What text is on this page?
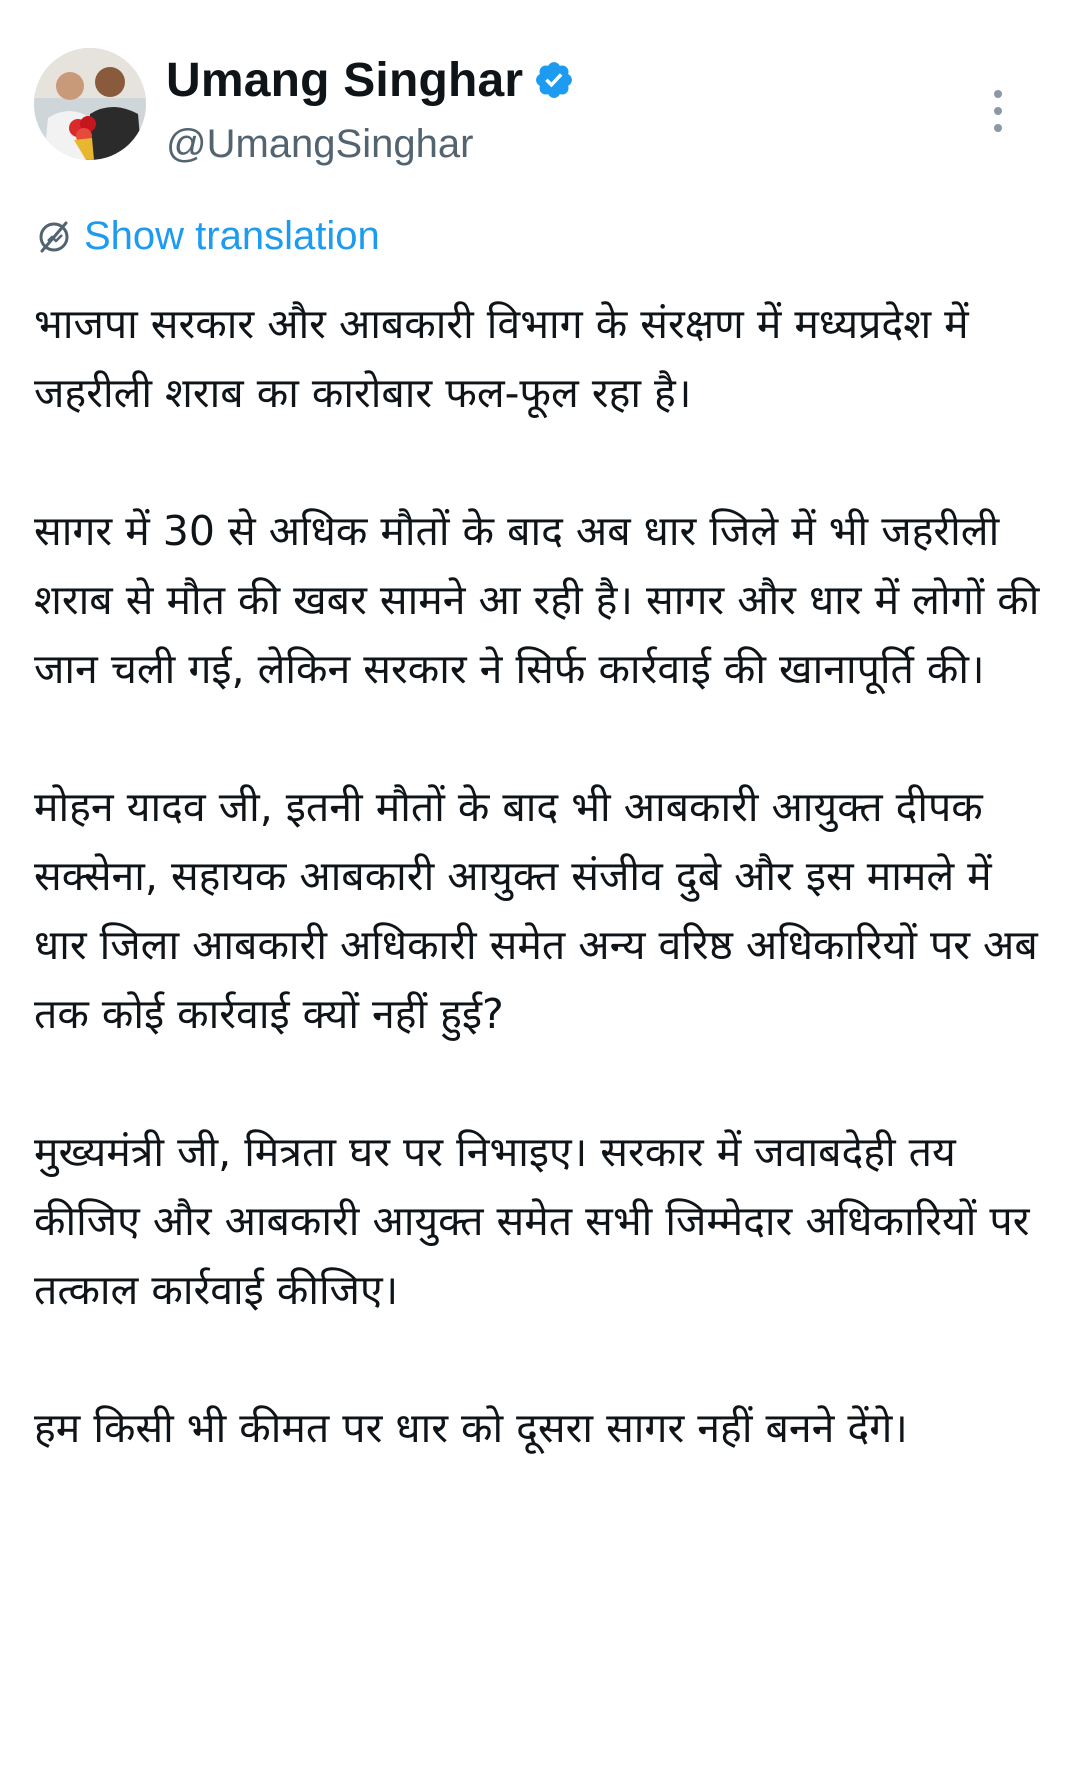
Umang Singhar
@UmangSinghar
Show translation

भाजपा सरकार और आबकारी विभाग के संरक्षण में मध्यप्रदेश में जहरीली शराब का कारोबार फल-फूल रहा है।

सागर में 30 से अधिक मौतों के बाद अब धार जिले में भी जहरीली शराब से मौत की खबर सामने आ रही है। सागर और धार में लोगों की जान चली गई, लेकिन सरकार ने सिर्फ कार्रवाई की खानापूर्ति की।

मोहन यादव जी, इतनी मौतों के बाद भी आबकारी आयुक्त दीपक सक्सेना, सहायक आबकारी आयुक्त संजीव दुबे और इस मामले में धार जिला आबकारी अधिकारी समेत अन्य वरिष्ठ अधिकारियों पर अब तक कोई कार्रवाई क्यों नहीं हुई?

मुख्यमंत्री जी, मित्रता घर पर निभाइए। सरकार में जवाबदेही तय कीजिए और आबकारी आयुक्त समेत सभी जिम्मेदार अधिकारियों पर तत्काल कार्रवाई कीजिए।

हम किसी भी कीमत पर धार को दूसरा सागर नहीं बनने देंगे।
